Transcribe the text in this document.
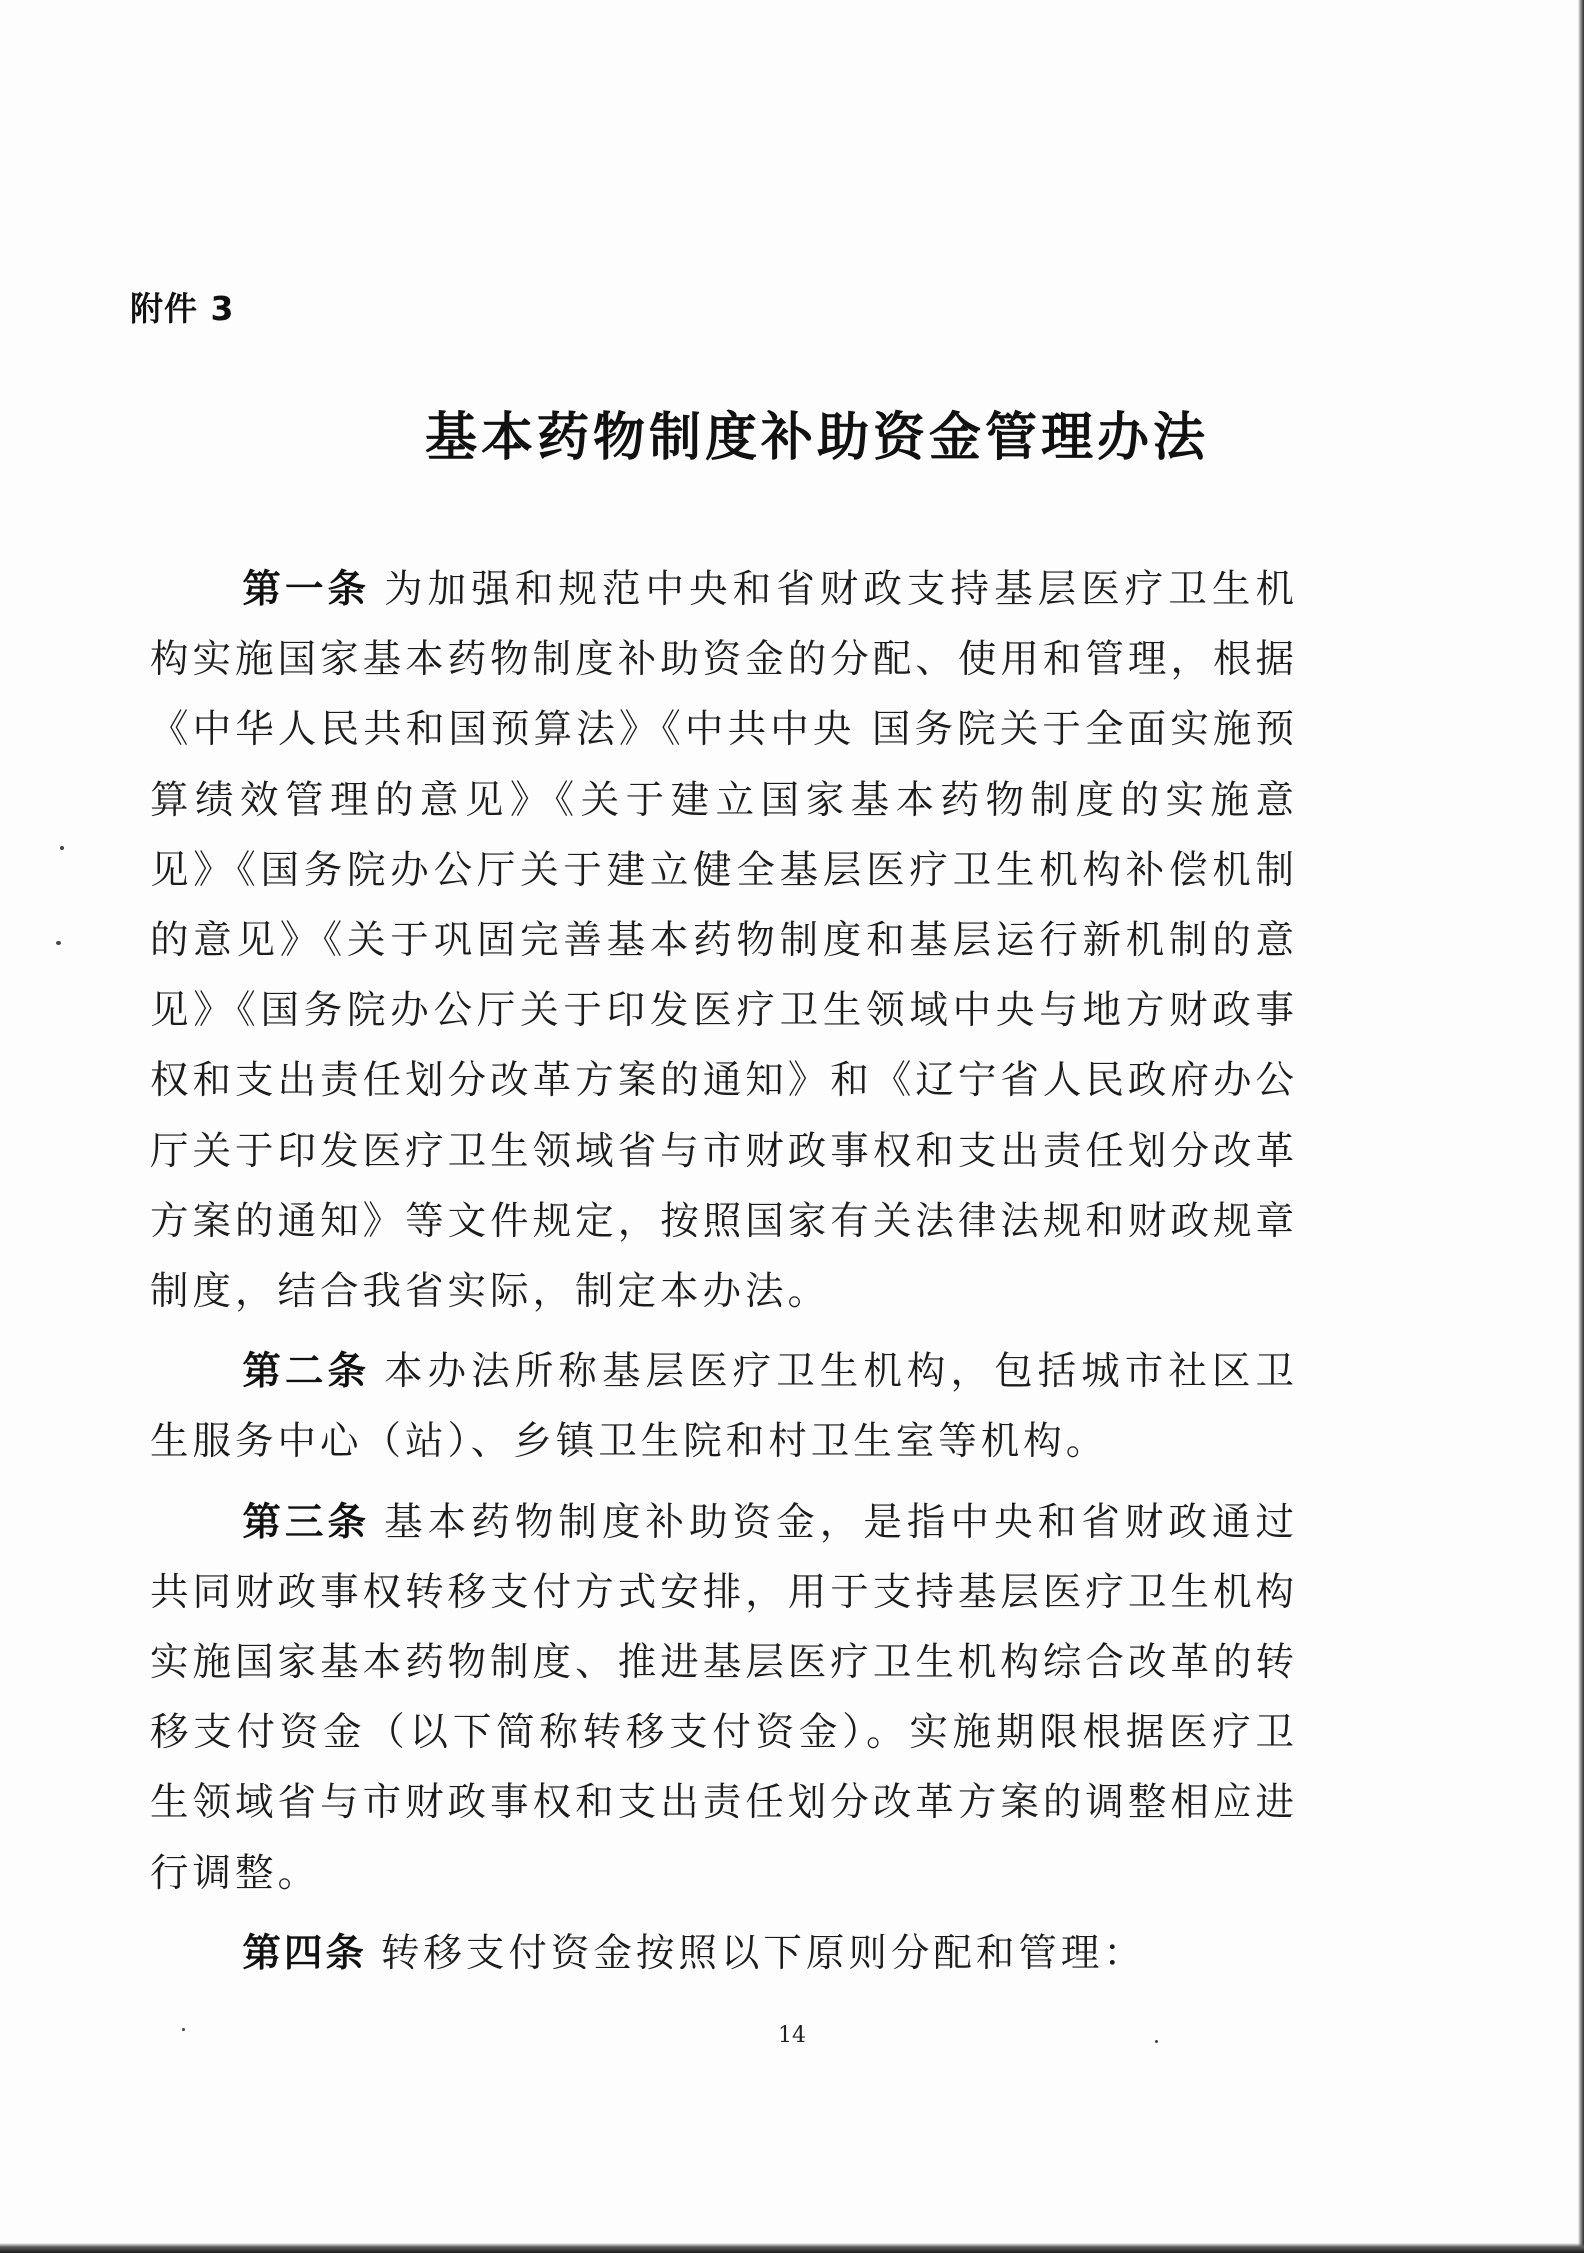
附件 3
基本药物制度补助资金管理办法

第一条 为加强和规范中央和省财政支持基层医疗卫生机构实施国家基本药物制度补助资金的分配、使用和管理，根据《中华人民共和国预算法》《中共中央 国务院关于全面实施预算绩效管理的意见》《关于建立国家基本药物制度的实施意见》《国务院办公厅关于建立健全基层医疗卫生机构补偿机制的意见》《关于巩固完善基本药物制度和基层运行新机制的意见》《国务院办公厅关于印发医疗卫生领域中央与地方财政事权和支出责任划分改革方案的通知》和《辽宁省人民政府办公厅关于印发医疗卫生领域省与市财政事权和支出责任划分改革方案的通知》等文件规定，按照国家有关法律法规和财政规章制度，结合我省实际，制定本办法。

第二条 本办法所称基层医疗卫生机构，包括城市社区卫生服务中心（站）、乡镇卫生院和村卫生室等机构。

第三条 基本药物制度补助资金，是指中央和省财政通过共同财政事权转移支付方式安排，用于支持基层医疗卫生机构实施国家基本药物制度、推进基层医疗卫生机构综合改革的转移支付资金（以下简称转移支付资金）。实施期限根据医疗卫生领域省与市财政事权和支出责任划分改革方案的调整相应进行调整。

第四条 转移支付资金按照以下原则分配和管理：

14
